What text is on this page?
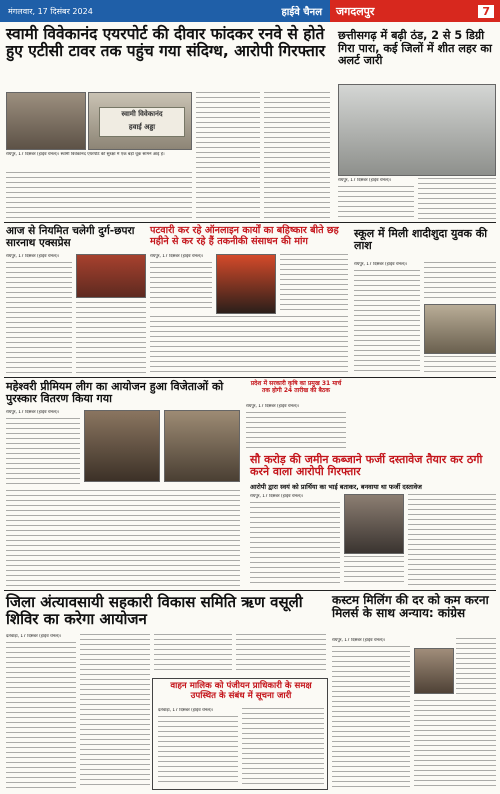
मंगलवार, 17 दिसंबर 2024	हाईवे चैनल जगदलपुर	7
स्वामी विवेकानंद एयरपोर्ट की दीवार फांदकर रनवे से होते हुए एटीसी टावर तक पहुंच गया संदिग्ध, आरोपी गिरफ्तार
स्वामी विवेकानंद
हवाई अड्डा
रायपुर, 17 दिसंबर (हाईवे चैनल)। स्वामी विवेकानंद एयरपोर्ट की सुरक्षा में एक बड़ी चूक सामने आई है।
छत्तीसगढ़ में बढ़ी ठंड, 2 से 5 डिग्री गिरा पारा, कई जिलों में शीत लहर का अलर्ट जारी
रायपुर, 17 दिसंबर (हाईवे चैनल)।
आज से नियमित चलेगी दुर्ग-छपरा सारनाथ एक्सप्रेस
रायपुर, 17 दिसंबर (हाईवे चैनल)।
पटवारी कर रहे ऑनलाइन कार्यों का बहिष्कार बीते छह महीने से कर रहे हैं तकनीकी संसाधन की मांग
रायपुर, 17 दिसंबर (हाईवे चैनल)।
स्कूल में मिली शादीशुदा युवक की लाश
रायपुर, 17 दिसंबर (हाईवे चैनल)।
महेश्वरी प्रीमियम लीग का आयोजन हुआ विजेताओं को पुरस्कार वितरण किया गया
रायपुर, 17 दिसंबर (हाईवे चैनल)।
प्रदेश में सरकारी कृषि का प्रमुख 31 मार्च तक होगी 24 तारीख की बैठक
रायपुर, 17 दिसंबर (हाईवे चैनल)।
सौ करोड़ की जमीन कब्जाने फर्जी दस्तावेज तैयार कर ठगी करने वाला आरोपी गिरफ्तार
आरोपी द्वारा स्वयं को प्रार्थिया का भाई बताकर, बनवाया था फर्जी दस्तावेज
रायपुर, 17 दिसंबर (हाईवे चैनल)।
जिला अंत्यावसायी सहकारी विकास समिति ऋण वसूली शिविर का करेगा आयोजन
दंतेवाड़ा, 17 दिसंबर (हाईवे चैनल)।
वाहन मालिक को पंजीयन प्राधिकारी के समक्ष उपस्थित के संबंध में सूचना जारी
दंतेवाड़ा, 17 दिसंबर (हाईवे चैनल)।
कस्टम मिलिंग की दर को कम करना मिलर्स के साथ अन्याय: कांग्रेस
रायपुर, 17 दिसंबर (हाईवे चैनल)।
